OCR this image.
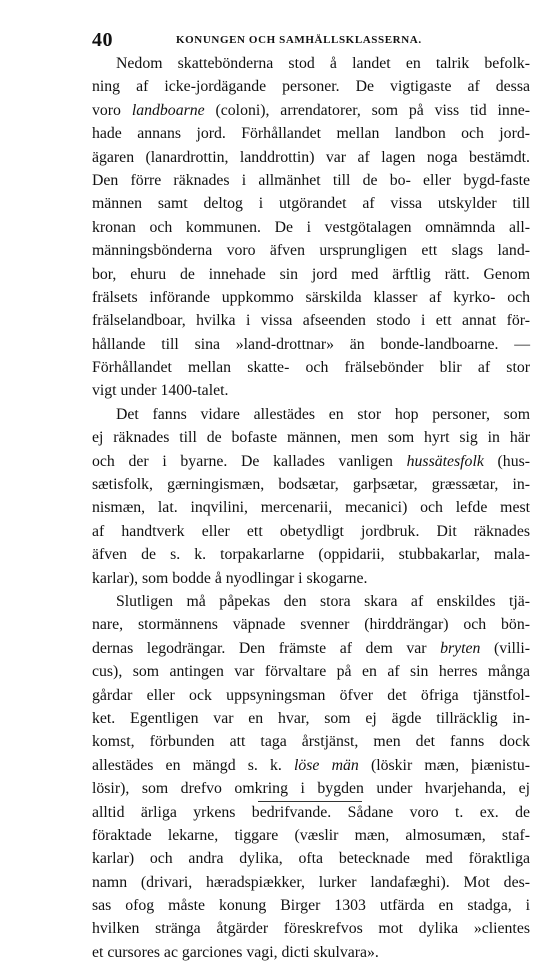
40	KONUNGEN OCH SAMHÄLLSKLASSERNA.
Nedom skattebönderna stod å landet en talrik befolk-
ning af icke-jordägande personer. De vigtigaste af dessa
voro landboarne (coloni), arrendatorer, som på viss tid inne-
hade annans jord. Förhållandet mellan landbon och jord-
ägaren (lanardrottin, landdrottin) var af lagen noga bestämdt.
Den förre räknades i allmänhet till de bo- eller bygd-faste
männen samt deltog i utgörandet af vissa utskylder till
kronan och kommunen. De i vestgötalagen omnämnda all-
männingsbönderna voro äfven ursprungligen ett slags land-
bor, ehuru de innehade sin jord med ärftlig rätt. Genom
frälsets införande uppkommo särskilda klasser af kyrko- och
frälselandboar, hvilka i vissa afseenden stodo i ett annat för-
hållande till sina »land-drottnar» än bonde-landboarne. —
Förhållandet mellan skatte- och frälsebönder blir af stor
vigt under 1400-talet.
Det fanns vidare allestädes en stor hop personer, som
ej räknades till de bofaste männen, men som hyrt sig in här
och der i byarne. De kallades vanligen hussätesfolk (hus-
sætisfolk, gærningismæn, bodsætar, garþsætar, græssætar, in-
nismæn, lat. inqvilini, mercenarii, mecanici) och lefde mest
af handtverk eller ett obetydligt jordbruk. Dit räknades
äfven de s. k. torpakarlarne (oppidarii, stubbakarlar, mala-
karlar), som bodde å nyodlingar i skogarne.
Slutligen må påpekas den stora skara af enskildes tjä-
nare, stormännens väpnade svenner (hirddrängar) och bön-
dernas legodrängar. Den främste af dem var bryten (villi-
cus), som antingen var förvaltare på en af sin herres många
gårdar eller ock uppsyningsman öfver det öfriga tjänstfol-
ket. Egentligen var en hvar, som ej ägde tillräcklig in-
komst, förbunden att taga årstjänst, men det fanns dock
allestädes en mängd s. k. löse män (löskir mæn, þiænistu-
lösir), som drefvo omkring i bygden under hvarjehanda, ej
alltid ärliga yrkens bedrifvande. Sådane voro t. ex. de
föraktade lekarne, tiggare (væslir mæn, almosumæn, staf-
karlar) och andra dylika, ofta betecknade med föraktliga
namn (drivari, hæradspiækker, lurker landafæghi). Mot des-
sas ofog måste konung Birger 1303 utfärda en stadga, i
hvilken stränga åtgärder föreskrefvos mot dylika »clientes
et cursores ac garciones vagi, dicti skulvara».
